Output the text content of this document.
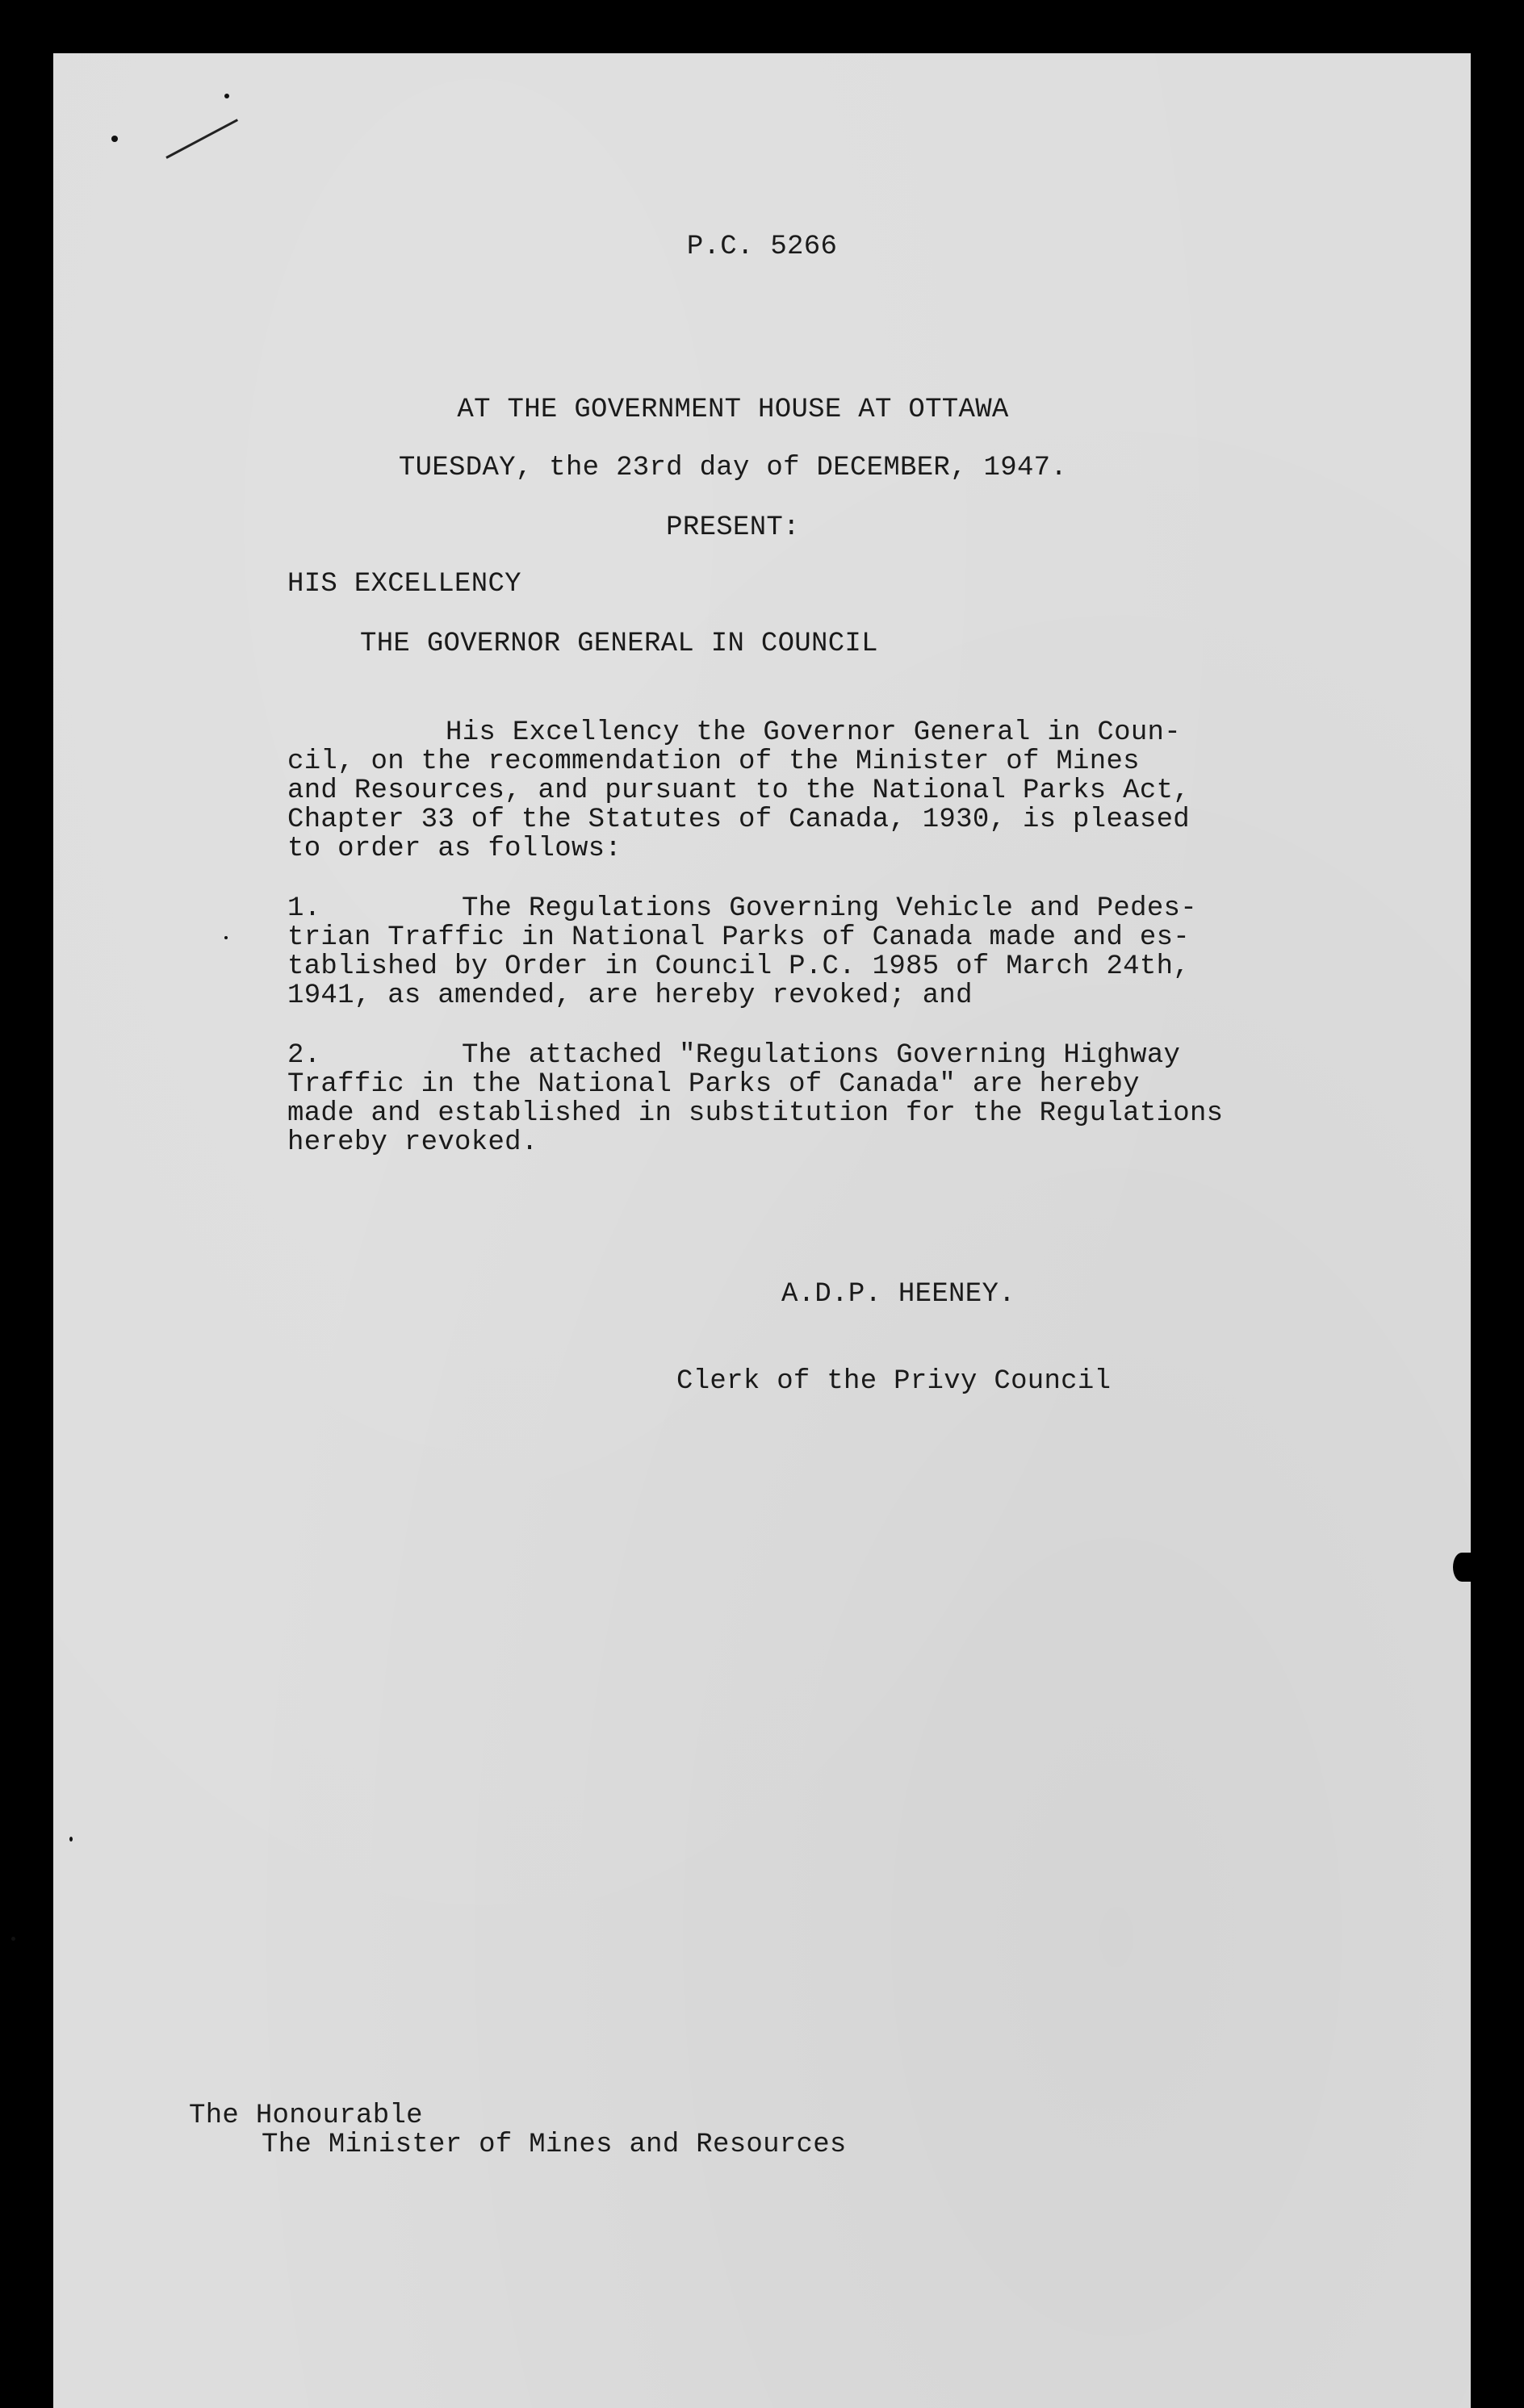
P.C. 5266

AT THE GOVERNMENT HOUSE AT OTTAWA

TUESDAY, the 23rd day of DECEMBER, 1947.

PRESENT:

HIS EXCELLENCY

THE GOVERNOR GENERAL IN COUNCIL

His Excellency the Governor General in Coun-

cil, on the recommendation of the Minister of Mines

and Resources, and pursuant to the National Parks Act,

Chapter 33 of the Statutes of Canada, 1930, is pleased

to order as follows:

1.	The Regulations Governing Vehicle and Pedes-

trian Traffic in National Parks of Canada made and es-

tablished by Order in Council P.C. 1985 of March 24th,

1941, as amended, are hereby revoked; and

2.	The attached "Regulations Governing Highway

Traffic in the National Parks of Canada" are hereby

made and established in substitution for the Regulations

hereby revoked.

A.D.P. HEENEY.

Clerk of the Privy Council

The Honourable

The Minister of Mines and Resources
